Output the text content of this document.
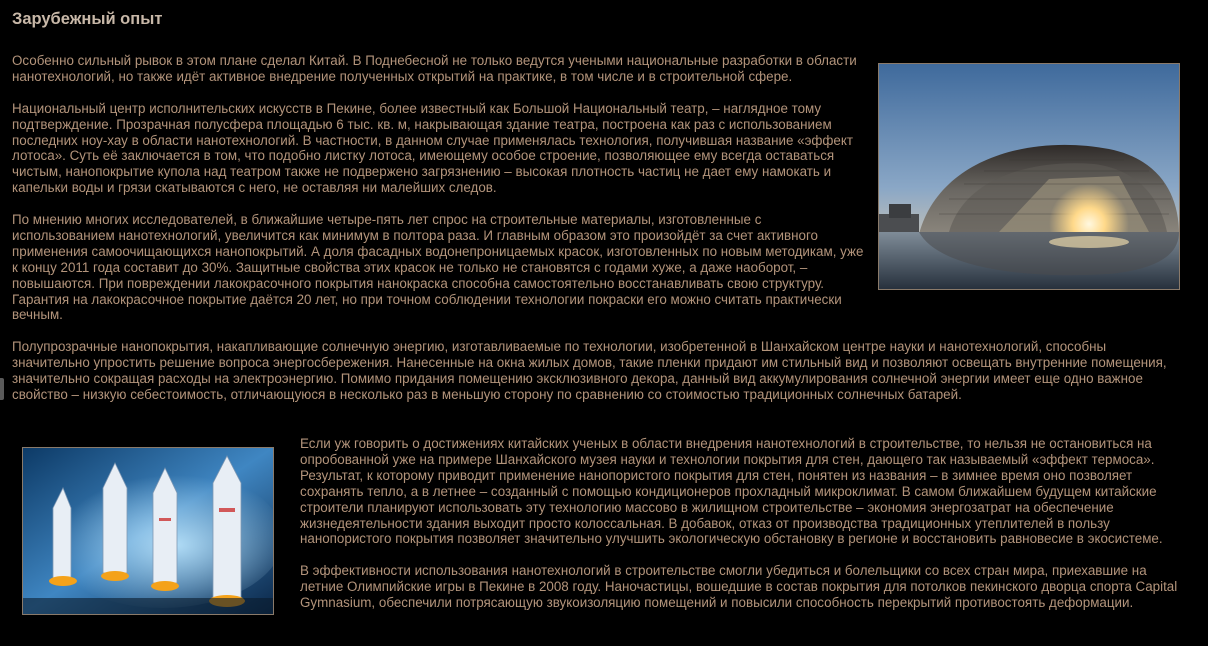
Зарубежный опыт

Особенно сильный рывок в этом плане сделал Китай. В Поднебесной не только ведутся учеными национальные разработки в области нанотехнологий, но также идёт активное внедрение полученных открытий на практике, в том числе и в строительной сфере.

Национальный центр исполнительских искусств в Пекине, более известный как Большой Национальный театр, – наглядное тому подтверждение. Прозрачная полусфера площадью 6 тыс. кв. м, накрывающая здание театра, построена как раз с использованием последних ноу-хау в области нанотехнологий. В частности, в данном случае применялась технология, получившая название «эффект лотоса». Суть её заключается в том, что подобно листку лотоса, имеющему особое строение, позволяющее ему всегда оставаться чистым, нанопокрытие купола над театром также не подвержено загрязнению – высокая плотность частиц не дает ему намокать и капельки воды и грязи скатываются с него, не оставляя ни малейших следов.

По мнению многих исследователей, в ближайшие четыре-пять лет спрос на строительные материалы, изготовленные с использованием нанотехнологий, увеличится как минимум в полтора раза. И главным образом это произойдёт за счет активного применения самоочищающихся нанопокрытий. А доля фасадных водонепроницаемых красок, изготовленных по новым методикам, уже к концу 2011 года составит до 30%. Защитные свойства этих красок не только не становятся с годами хуже, а даже наоборот, – повышаются. При повреждении лакокрасочного покрытия нанокраска способна самостоятельно восстанавливать свою структуру. Гарантия на лакокрасочное покрытие даётся 20 лет, но при точном соблюдении технологии покраски его можно считать практически вечным.

Полупрозрачные нанопокрытия, накапливающие солнечную энергию, изготавливаемые по технологии, изобретенной в Шанхайском центре науки и нанотехнологий, способны значительно упростить решение вопроса энергосбережения. Нанесенные на окна жилых домов, такие пленки придают им стильный вид и позволяют освещать внутренние помещения, значительно сокращая расходы на электроэнергию. Помимо придания помещению эксклюзивного декора, данный вид аккумулирования солнечной энергии имеет еще одно важное свойство – низкую себестоимость, отличающуюся в несколько раз в меньшую сторону по сравнению со стоимостью традиционных солнечных батарей.

Если уж говорить о достижениях китайских ученых в области внедрения нанотехнологий в строительстве, то нельзя не остановиться на опробованной уже на примере Шанхайского музея науки и технологии покрытия для стен, дающего так называемый «эффект термоса». Результат, к которому приводит применение нанопористого покрытия для стен, понятен из названия – в зимнее время оно позволяет сохранять тепло, а в летнее – созданный с помощью кондиционеров прохладный микроклимат. В самом ближайшем будущем китайские строители планируют использовать эту технологию массово в жилищном строительстве – экономия энергозатрат на обеспечение жизнедеятельности здания выходит просто колоссальная. В добавок, отказ от производства традиционных утеплителей в пользу нанопористого покрытия позволяет значительно улучшить экологическую обстановку в регионе и восстановить равновесие в экосистеме.

В эффективности использования нанотехнологий в строительстве смогли убедиться и болельщики со всех стран мира, приехавшие на летние Олимпийские игры в Пекине в 2008 году. Наночастицы, вошедшие в состав покрытия для потолков пекинского дворца спорта Capital Gymnasium, обеспечили потрясающую звукоизоляцию помещений и повысили способность перекрытий противостоять деформации.
